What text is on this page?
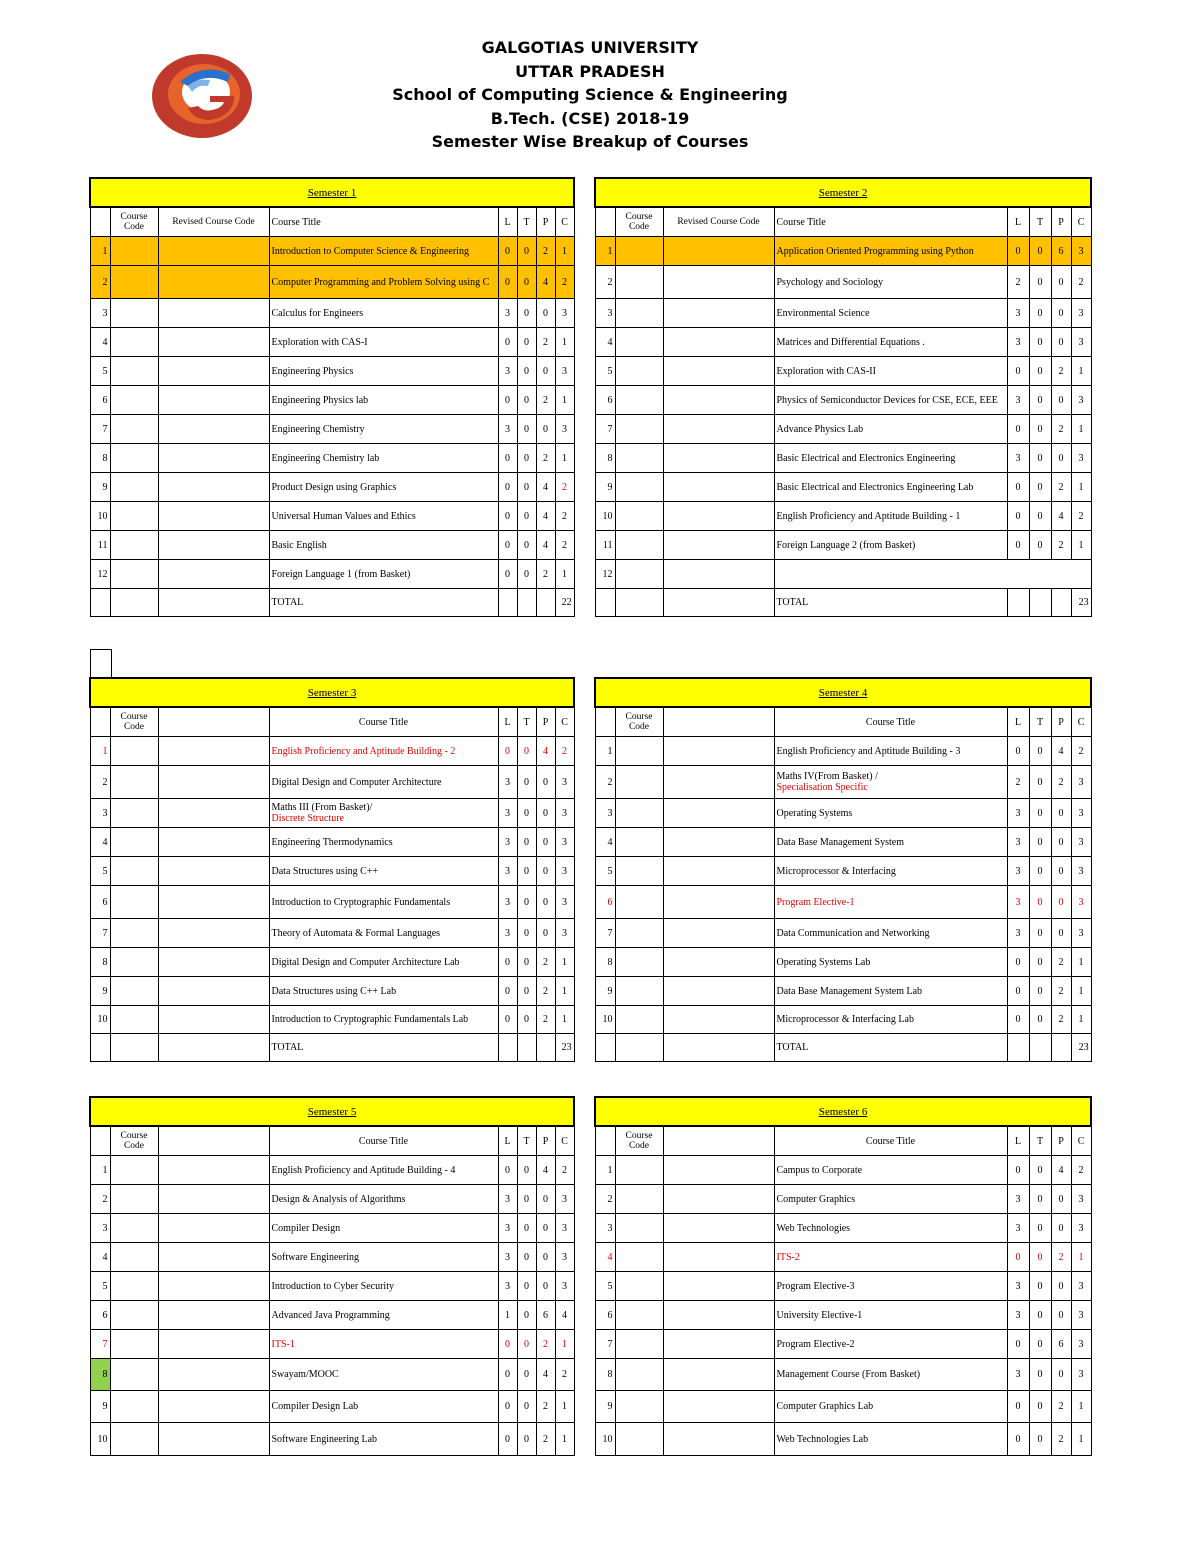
GALGOTIAS UNIVERSITY
UTTAR PRADESH
School of Computing Science & Engineering
B.Tech. (CSE) 2018-19
Semester Wise Breakup of Courses
Semester 1							
	Course Code	Revised Course Code	Course Title	L	T	P	C
1			Introduction to Computer Science & Engineering	0	0	2	1
2			Computer Programming and Problem Solving using C	0	0	4	2
3			Calculus for Engineers	3	0	0	3
4			Exploration with CAS-I	0	0	2	1
5			Engineering Physics	3	0	0	3
6			Engineering Physics lab	0	0	2	1
7			Engineering Chemistry	3	0	0	3
8			Engineering Chemistry lab	0	0	2	1
9			Product Design using Graphics	0	0	4	2
10			Universal Human Values and Ethics	0	0	4	2
11			Basic English	0	0	4	2
12			Foreign Language 1 (from Basket)	0	0	2	1
			TOTAL				22
Semester 2							
	Course Code	Revised Course Code	Course Title	L	T	P	C
1			Application Oriented Programming using Python	0	0	6	3
2			Psychology and Sociology	2	0	0	2
3			Environmental Science	3	0	0	3
4			Matrices and Differential Equations .	3	0	0	3
5			Exploration with CAS-II	0	0	2	1
6			Physics of Semiconductor Devices for CSE, ECE, EEE	3	0	0	3
7			Advance Physics Lab	0	0	2	1
8			Basic Electrical and Electronics Engineering	3	0	0	3
9			Basic Electrical and Electronics Engineering Lab	0	0	2	1
10			English Proficiency and Aptitude Building - 1	0	0	4	2
11			Foreign Language 2 (from Basket)	0	0	2	1
12							
			TOTAL				23
Semester 3							
	Course Code		Course Title	L	T	P	C
1			English Proficiency and Aptitude Building - 2	0	0	4	2
2			Digital Design and Computer Architecture	3	0	0	3
3			Maths III (From Basket)/
Discrete Structure	3	0	0	3
4			Engineering Thermodynamics	3	0	0	3
5			Data Structures using C++	3	0	0	3
6			Introduction to Cryptographic Fundamentals	3	0	0	3
7			Theory of Automata & Formal Languages	3	0	0	3
8			Digital Design and Computer Architecture Lab	0	0	2	1
9			Data Structures using C++ Lab	0	0	2	1
10			Introduction to Cryptographic Fundamentals Lab	0	0	2	1
			TOTAL				23
Semester 4							
	Course Code		Course Title	L	T	P	C
1			English Proficiency and Aptitude Building - 3	0	0	4	2
2			Maths IV(From Basket) /
Specialisation Specific	2	0	2	3
3			Operating Systems	3	0	0	3
4			Data Base Management System	3	0	0	3
5			Microprocessor & Interfacing	3	0	0	3
6			Program Elective-1	3	0	0	3
7			Data Communication and Networking	3	0	0	3
8			Operating Systems Lab	0	0	2	1
9			Data Base Management System Lab	0	0	2	1
10			Microprocessor & Interfacing Lab	0	0	2	1
			TOTAL				23
Semester 5							
	Course Code		Course Title	L	T	P	C
1			English Proficiency and Aptitude Building - 4	0	0	4	2
2			Design & Analysis of Algorithms	3	0	0	3
3			Compiler Design	3	0	0	3
4			Software Engineering	3	0	0	3
5			Introduction to Cyber Security	3	0	0	3
6			Advanced Java Programming	1	0	6	4
7			ITS-1	0	0	2	1
8			Swayam/MOOC	0	0	4	2
9			Compiler Design Lab	0	0	2	1
10			Software Engineering Lab	0	0	2	1
Semester 6							
	Course Code		Course Title	L	T	P	C
1			Campus to Corporate	0	0	4	2
2			Computer Graphics	3	0	0	3
3			Web Technologies	3	0	0	3
4			ITS-2	0	0	2	1
5			Program Elective-3	3	0	0	3
6			University Elective-1	3	0	0	3
7			Program Elective-2	0	0	6	3
8			Management Course (From Basket)	3	0	0	3
9			Computer Graphics Lab	0	0	2	1
10			Web Technologies Lab	0	0	2	1
